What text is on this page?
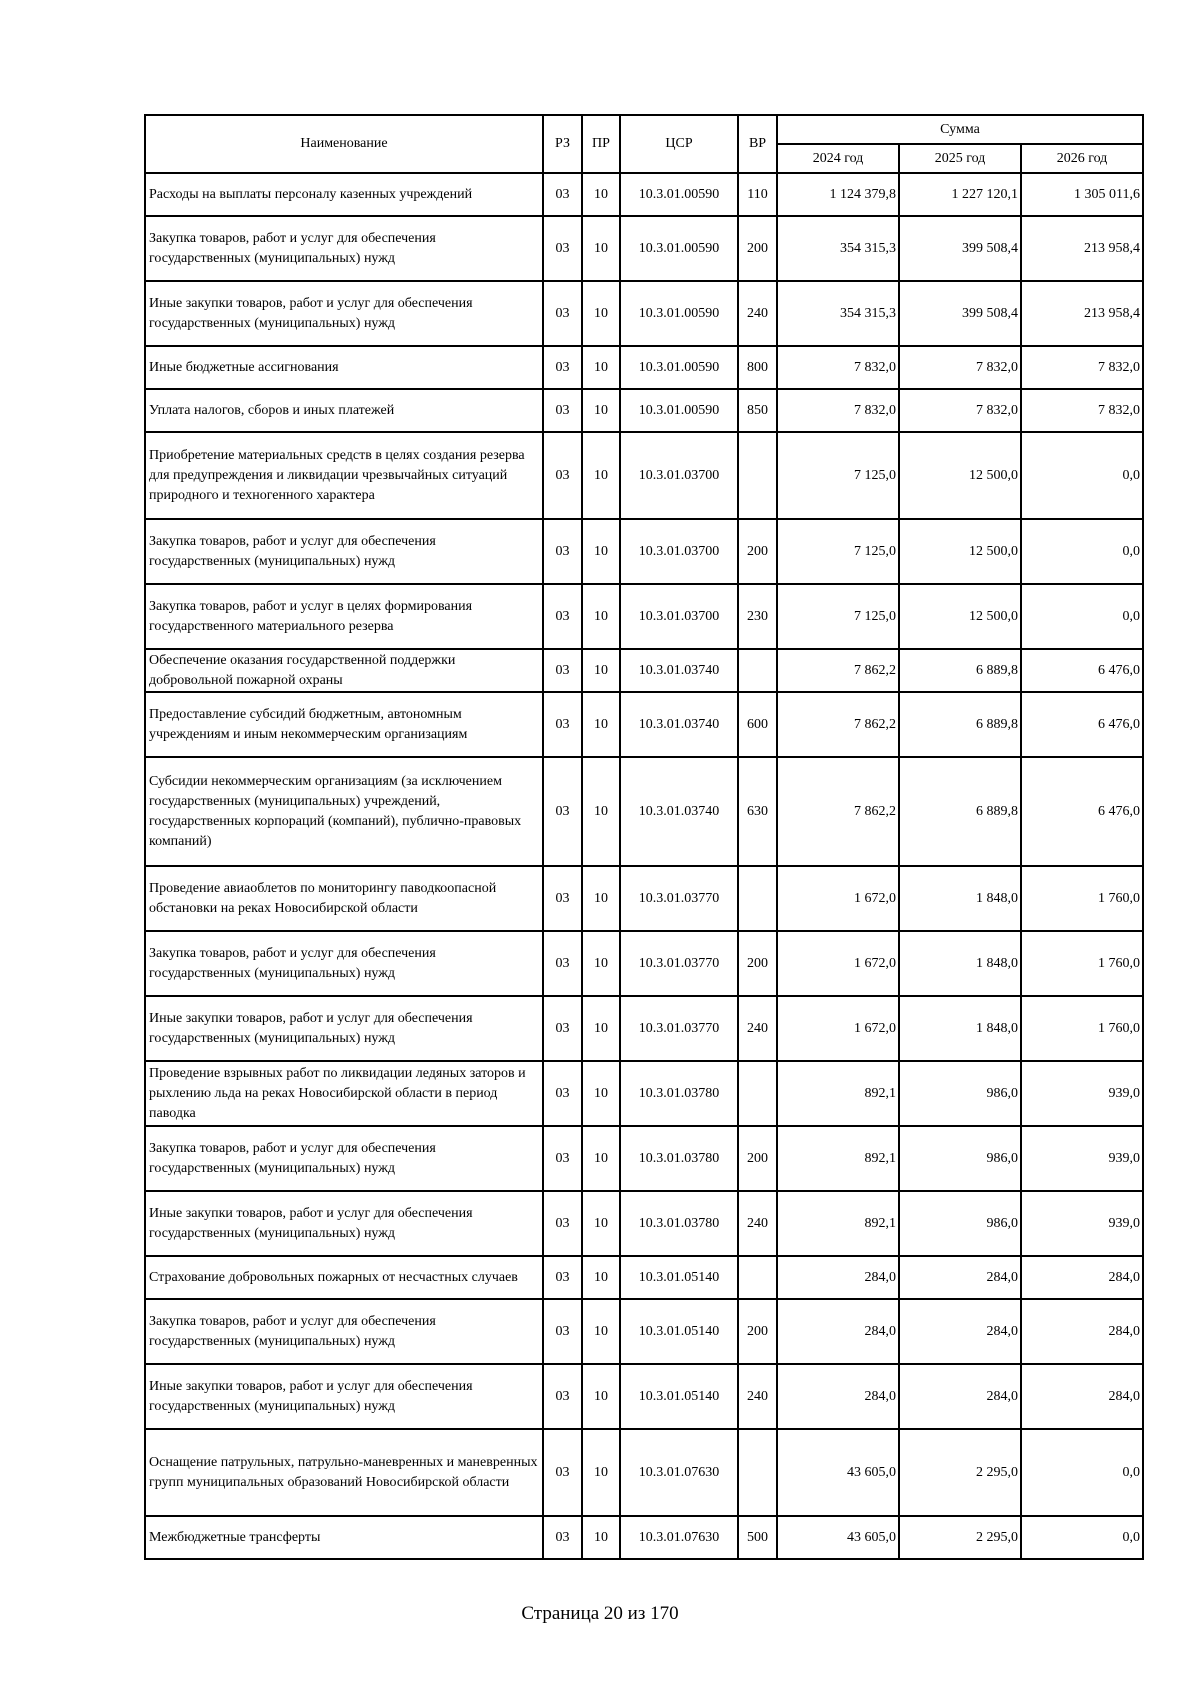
Наименование	РЗ	ПР	ЦСР	ВР	Сумма		
					2024 год	2025 год	2026 год
Расходы на выплаты персоналу казенных учреждений	03	10	10.3.01.00590	110	1 124 379,8	1 227 120,1	1 305 011,6
Закупка товаров, работ и услуг для обеспечения государственных (муниципальных) нужд	03	10	10.3.01.00590	200	354 315,3	399 508,4	213 958,4
Иные закупки товаров, работ и услуг для обеспечения государственных (муниципальных) нужд	03	10	10.3.01.00590	240	354 315,3	399 508,4	213 958,4
Иные бюджетные ассигнования	03	10	10.3.01.00590	800	7 832,0	7 832,0	7 832,0
Уплата налогов, сборов и иных платежей	03	10	10.3.01.00590	850	7 832,0	7 832,0	7 832,0
Приобретение материальных средств в целях создания резерва для предупреждения и ликвидации чрезвычайных ситуаций природного и техногенного характера	03	10	10.3.01.03700		7 125,0	12 500,0	0,0
Закупка товаров, работ и услуг для обеспечения государственных (муниципальных) нужд	03	10	10.3.01.03700	200	7 125,0	12 500,0	0,0
Закупка товаров, работ и услуг в целях формирования государственного материального резерва	03	10	10.3.01.03700	230	7 125,0	12 500,0	0,0
Обеспечение оказания государственной поддержки добровольной пожарной охраны	03	10	10.3.01.03740		7 862,2	6 889,8	6 476,0
Предоставление субсидий бюджетным, автономным учреждениям и иным некоммерческим организациям	03	10	10.3.01.03740	600	7 862,2	6 889,8	6 476,0
Субсидии некоммерческим организациям (за исключением государственных (муниципальных) учреждений, государственных корпораций (компаний), публично-правовых компаний)	03	10	10.3.01.03740	630	7 862,2	6 889,8	6 476,0
Проведение авиаоблетов по мониторингу паводкоопасной обстановки на реках Новосибирской области	03	10	10.3.01.03770		1 672,0	1 848,0	1 760,0
Закупка товаров, работ и услуг для обеспечения государственных (муниципальных) нужд	03	10	10.3.01.03770	200	1 672,0	1 848,0	1 760,0
Иные закупки товаров, работ и услуг для обеспечения государственных (муниципальных) нужд	03	10	10.3.01.03770	240	1 672,0	1 848,0	1 760,0
Проведение взрывных работ по ликвидации ледяных заторов и рыхлению льда на реках Новосибирской области в период паводка	03	10	10.3.01.03780		892,1	986,0	939,0
Закупка товаров, работ и услуг для обеспечения государственных (муниципальных) нужд	03	10	10.3.01.03780	200	892,1	986,0	939,0
Иные закупки товаров, работ и услуг для обеспечения государственных (муниципальных) нужд	03	10	10.3.01.03780	240	892,1	986,0	939,0
Страхование добровольных пожарных от несчастных случаев	03	10	10.3.01.05140		284,0	284,0	284,0
Закупка товаров, работ и услуг для обеспечения государственных (муниципальных) нужд	03	10	10.3.01.05140	200	284,0	284,0	284,0
Иные закупки товаров, работ и услуг для обеспечения государственных (муниципальных) нужд	03	10	10.3.01.05140	240	284,0	284,0	284,0
Оснащение патрульных, патрульно-маневренных и маневренных групп муниципальных образований Новосибирской области	03	10	10.3.01.07630		43 605,0	2 295,0	0,0
Межбюджетные трансферты	03	10	10.3.01.07630	500	43 605,0	2 295,0	0,0
Страница 20 из 170
